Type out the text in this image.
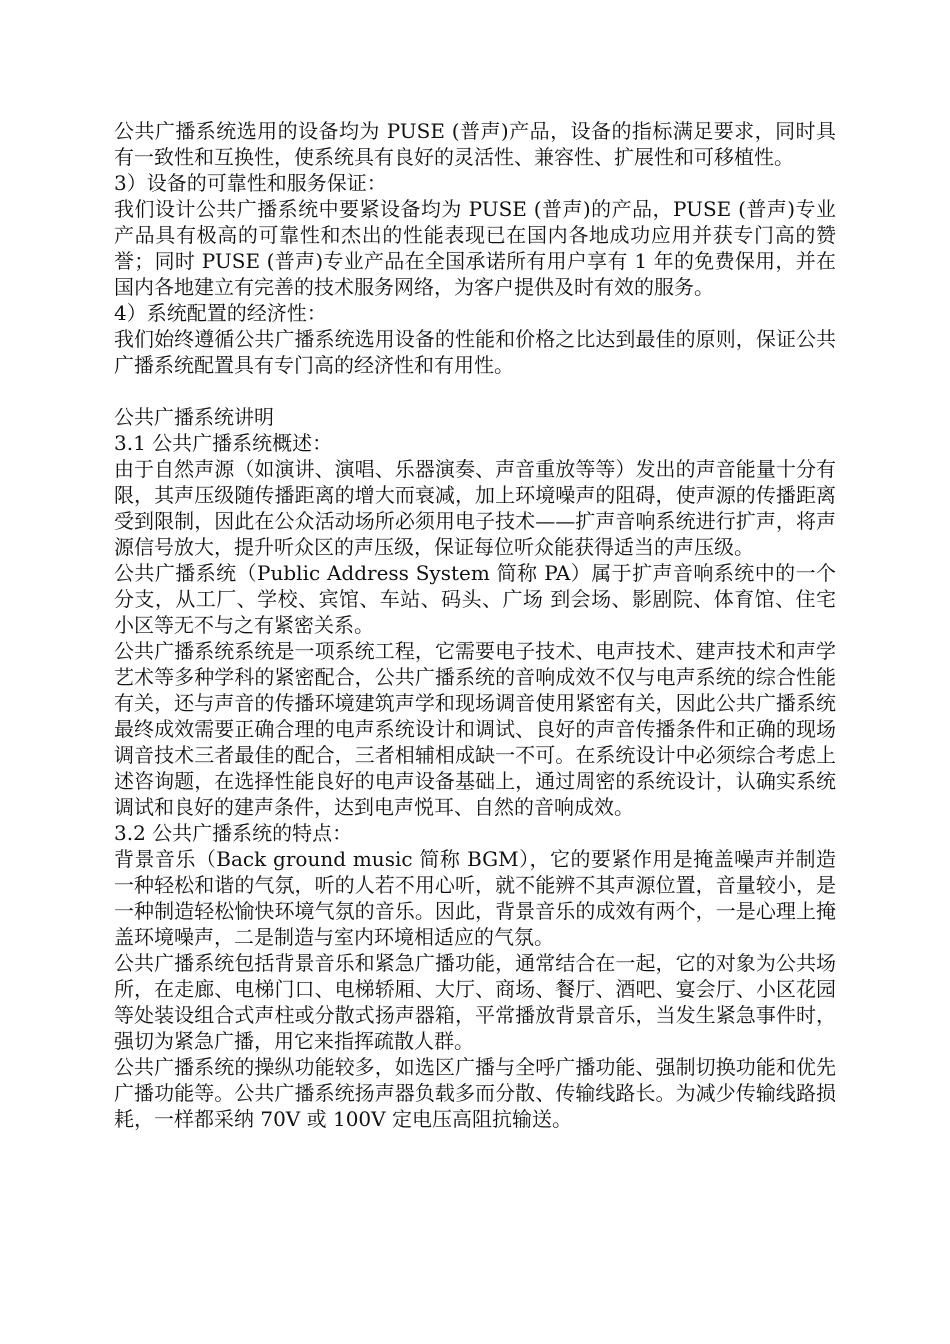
公共广播系统选用的设备均为 PUSE (普声)产品，设备的指标满足要求，同时具有一致性和互换性，使系统具有良好的灵活性、兼容性、扩展性和可移植性。

3）设备的可靠性和服务保证：

我们设计公共广播系统中要紧设备均为 PUSE (普声)的产品，PUSE (普声)专业产品具有极高的可靠性和杰出的性能表现已在国内各地成功应用并获专门高的赞誉；同时 PUSE (普声)专业产品在全国承诺所有用户享有 1 年的免费保用，并在国内各地建立有完善的技术服务网络，为客户提供及时有效的服务。

4）系统配置的经济性：

我们始终遵循公共广播系统选用设备的性能和价格之比达到最佳的原则，保证公共广播系统配置具有专门高的经济性和有用性。

公共广播系统讲明

3.1 公共广播系统概述：

由于自然声源（如演讲、演唱、乐器演奏、声音重放等等）发出的声音能量十分有限，其声压级随传播距离的增大而衰减，加上环境噪声的阻碍，使声源的传播距离受到限制，因此在公众活动场所必须用电子技术——扩声音响系统进行扩声，将声源信号放大，提升听众区的声压级，保证每位听众能获得适当的声压级。

公共广播系统（Public Address System 简称 PA）属于扩声音响系统中的一个分支，从工厂、学校、宾馆、车站、码头、广场 到会场、影剧院、体育馆、住宅小区等无不与之有紧密关系。

公共广播系统系统是一项系统工程，它需要电子技术、电声技术、建声技术和声学艺术等多种学科的紧密配合，公共广播系统的音响成效不仅与电声系统的综合性能有关，还与声音的传播环境建筑声学和现场调音使用紧密有关，因此公共广播系统最终成效需要正确合理的电声系统设计和调试、良好的声音传播条件和正确的现场调音技术三者最佳的配合，三者相辅相成缺一不可。在系统设计中必须综合考虑上述咨询题，在选择性能良好的电声设备基础上，通过周密的系统设计，认确实系统调试和良好的建声条件，达到电声悦耳、自然的音响成效。

3.2 公共广播系统的特点：

背景音乐（Back ground music 简称 BGM），它的要紧作用是掩盖噪声并制造一种轻松和谐的气氛，听的人若不用心听，就不能辨不其声源位置，音量较小，是一种制造轻松愉快环境气氛的音乐。因此，背景音乐的成效有两个，一是心理上掩盖环境噪声，二是制造与室内环境相适应的气氛。

公共广播系统包括背景音乐和紧急广播功能，通常结合在一起，它的对象为公共场所，在走廊、电梯门口、电梯轿厢、大厅、商场、餐厅、酒吧、宴会厅、小区花园等处装设组合式声柱或分散式扬声器箱，平常播放背景音乐，当发生紧急事件时，强切为紧急广播，用它来指挥疏散人群。

公共广播系统的操纵功能较多，如选区广播与全呼广播功能、强制切换功能和优先广播功能等。公共广播系统扬声器负载多而分散、传输线路长。为减少传输线路损耗，一样都采纳 70V 或 100V 定电压高阻抗输送。
